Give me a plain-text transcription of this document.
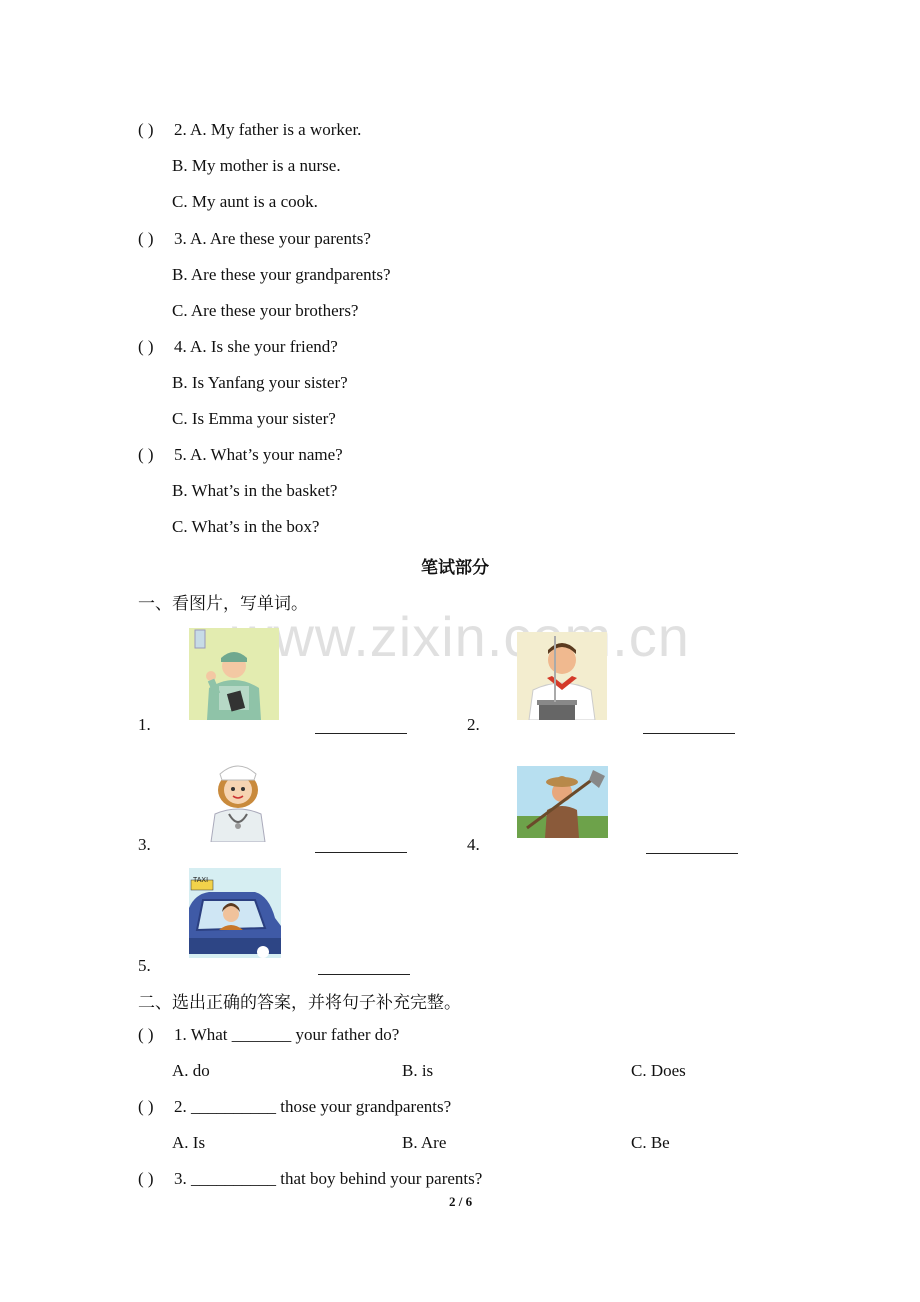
www.zixin.com.cn
( ) 2. A. My father is a worker.
B. My mother is a nurse.
C. My aunt is a cook.
( ) 3. A. Are these your parents?
B. Are these your grandparents?
C. Are these your brothers?
( ) 4. A. Is she your friend?
B. Is Yanfang your sister?
C. Is Emma your sister?
( ) 5. A. What’s your name?
B. What’s in the basket?
C. What’s in the box?
笔试部分
一、看图片，写单词。
1.	2.
3.	4.
5.
TAXI
二、选出正确的答案，并将句子补充完整。
( ) 1. What _______ your father do?
A. do	B. is	C. Does
( ) 2. __________ those your grandparents?
A. Is	B. Are	C. Be
( ) 3. __________ that boy behind your parents?
2 / 6
